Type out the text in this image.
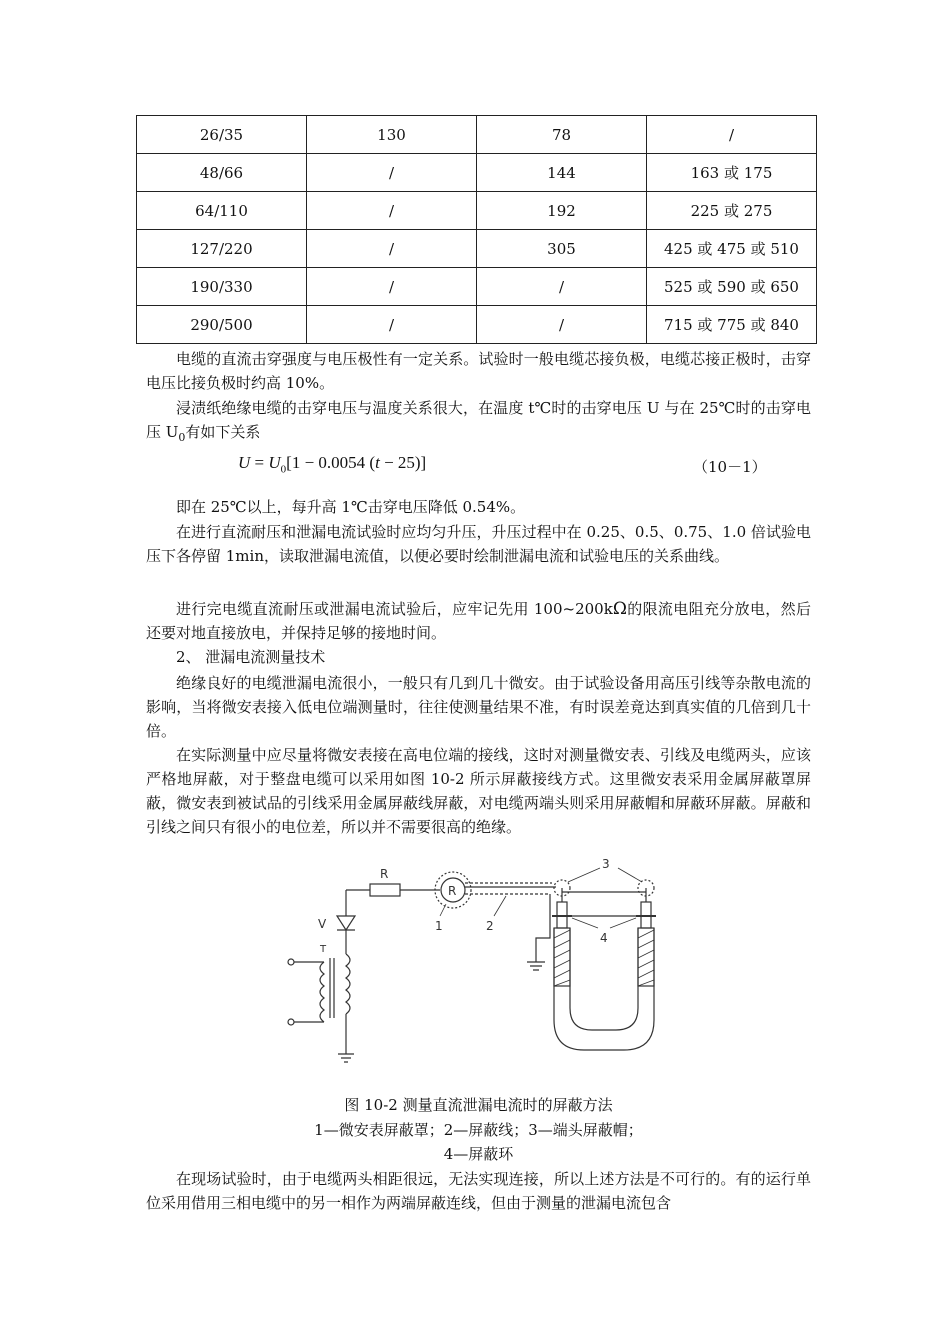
26/35	130	78	/
48/66	/	144	163 或 175
64/110	/	192	225 或 275
127/220	/	305	425 或 475 或 510
190/330	/	/	525 或 590 或 650
290/500	/	/	715 或 775 或 840

电缆的直流击穿强度与电压极性有一定关系。试验时一般电缆芯接负极，电缆芯接正极时，击穿电压比接负极时约高 10%。

浸渍纸绝缘电缆的击穿电压与温度关系很大，在温度 t℃时的击穿电压 U 与在 25℃时的击穿电压 $U_0$有如下关系

$U = U_0[1 - 0.0054$ (t − 25)]	（10－1）

即在 25℃以上，每升高 1℃击穿电压降低 0.54%。

在进行直流耐压和泄漏电流试验时应均匀升压，升压过程中在 0.25、0.5、0.75、1.0 倍试验电压下各停留 1min，读取泄漏电流值，以便必要时绘制泄漏电流和试验电压的关系曲线。

进行完电缆直流耐压或泄漏电流试验后，应牢记先用 100~200kΩ的限流电阻充分放电，然后还要对地直接放电，并保持足够的接地时间。

2、 泄漏电流测量技术

绝缘良好的电缆泄漏电流很小，一般只有几到几十微安。由于试验设备用高压引线等杂散电流的影响，当将微安表接入低电位端测量时，往往使测量结果不准，有时误差竟达到真实值的几倍到几十倍。

在实际测量中应尽量将微安表接在高电位端的接线，这时对测量微安表、引线及电缆两头，应该严格地屏蔽，对于整盘电缆可以采用如图 10-2 所示屏蔽接线方式。这里微安表采用金属屏蔽罩屏蔽，微安表到被试品的引线采用金属屏蔽线屏蔽，对电缆两端头则采用屏蔽帽和屏蔽环屏蔽。屏蔽和引线之间只有很小的电位差，所以并不需要很高的绝缘。

R
R
V
T
1	2
3
4
图 10-2 测量直流泄漏电流时的屏蔽方法
1—微安表屏蔽罩；2—屏蔽线；3—端头屏蔽帽；
4—屏蔽环

在现场试验时，由于电缆两头相距很远，无法实现连接，所以上述方法是不可行的。有的运行单位采用借用三相电缆中的另一相作为两端屏蔽连线，但由于测量的泄漏电流包含
